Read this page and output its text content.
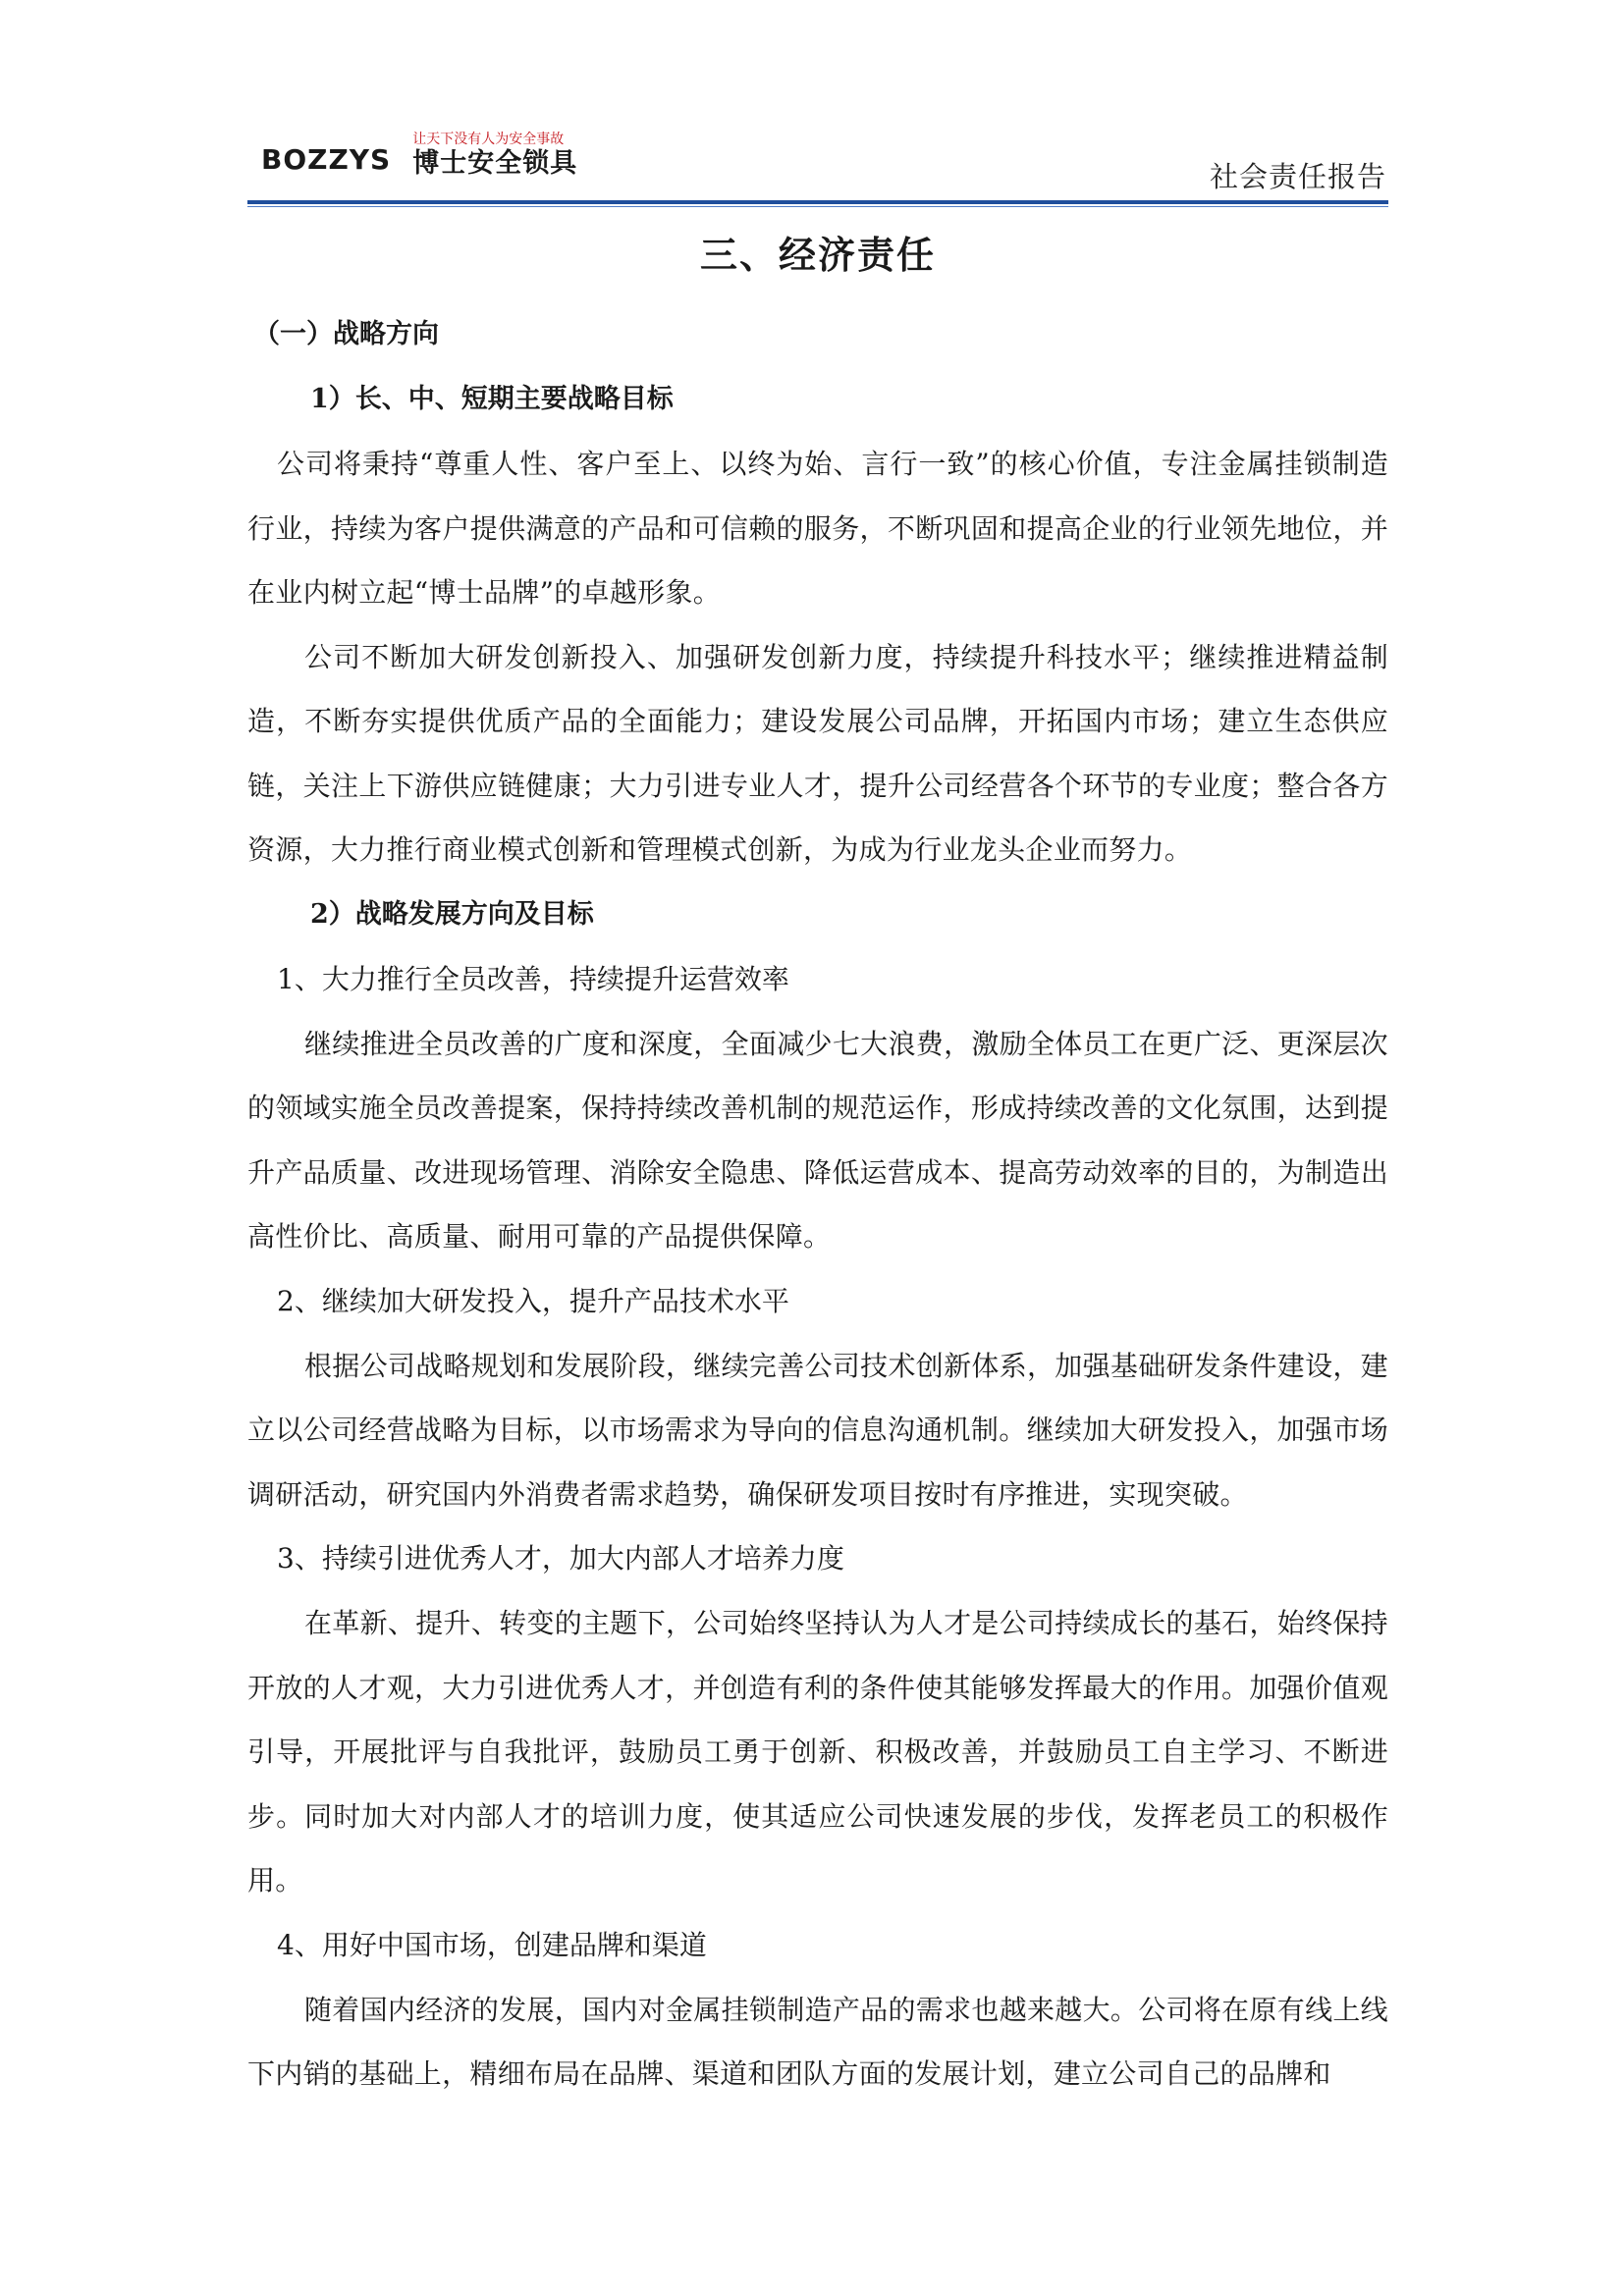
BOZZYS
让天下没有人为安全事故
博士安全锁具	社会责任报告
三、经济责任
（一）战略方向
1）长、中、短期主要战略目标

公司将秉持“尊重人性、客户至上、以终为始、言行一致”的核心价值，专注金属挂锁制造行业，持续为客户提供满意的产品和可信赖的服务，不断巩固和提高企业的行业领先地位，并在业内树立起“博士品牌”的卓越形象。

公司不断加大研发创新投入、加强研发创新力度，持续提升科技水平；继续推进精益制造，不断夯实提供优质产品的全面能力；建设发展公司品牌，开拓国内市场；建立生态供应链，关注上下游供应链健康；大力引进专业人才，提升公司经营各个环节的专业度；整合各方资源，大力推行商业模式创新和管理模式创新，为成为行业龙头企业而努力。

2）战略发展方向及目标
1、大力推行全员改善，持续提升运营效率

继续推进全员改善的广度和深度，全面减少七大浪费，激励全体员工在更广泛、更深层次的领域实施全员改善提案，保持持续改善机制的规范运作，形成持续改善的文化氛围，达到提升产品质量、改进现场管理、消除安全隐患、降低运营成本、提高劳动效率的目的，为制造出高性价比、高质量、耐用可靠的产品提供保障。

2、继续加大研发投入，提升产品技术水平

根据公司战略规划和发展阶段，继续完善公司技术创新体系，加强基础研发条件建设，建立以公司经营战略为目标，以市场需求为导向的信息沟通机制。继续加大研发投入，加强市场调研活动，研究国内外消费者需求趋势，确保研发项目按时有序推进，实现突破。

3、持续引进优秀人才，加大内部人才培养力度

在革新、提升、转变的主题下，公司始终坚持认为人才是公司持续成长的基石，始终保持开放的人才观，大力引进优秀人才，并创造有利的条件使其能够发挥最大的作用。加强价值观引导，开展批评与自我批评，鼓励员工勇于创新、积极改善，并鼓励员工自主学习、不断进步。同时加大对内部人才的培训力度，使其适应公司快速发展的步伐，发挥老员工的积极作用。

4、用好中国市场，创建品牌和渠道

随着国内经济的发展，国内对金属挂锁制造产品的需求也越来越大。公司将在原有线上线下内销的基础上，精细布局在品牌、渠道和团队方面的发展计划，建立公司自己的品牌和
